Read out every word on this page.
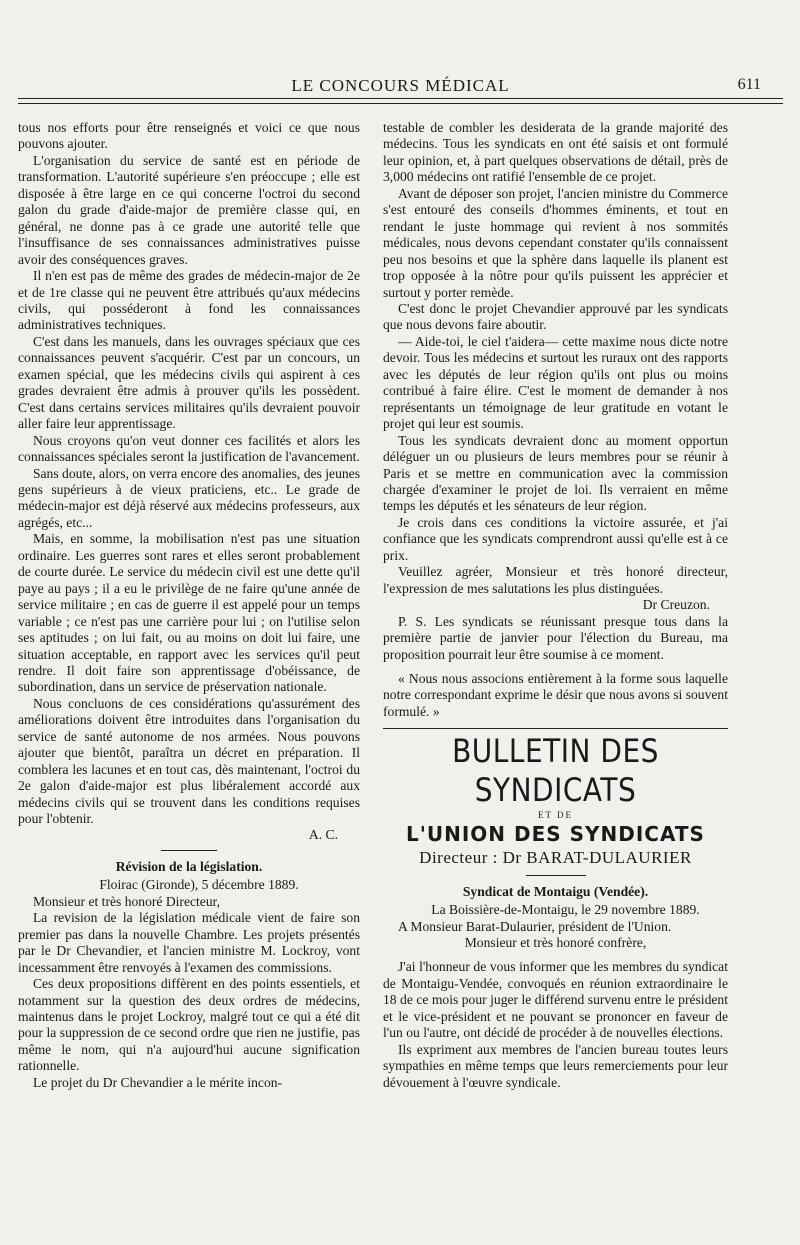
LE CONCOURS MÉDICAL	611

tous nos efforts pour être renseignés et voici ce que nous pouvons ajouter.

L'organisation du service de santé est en période de transformation. L'autorité supérieure s'en préoccupe ; elle est disposée à être large en ce qui concerne l'octroi du second galon du grade d'aide-major de première classe qui, en général, ne donne pas à ce grade une autorité telle que l'insuffisance de ses connaissances administratives puisse avoir des conséquences graves.

Il n'en est pas de même des grades de médecin-major de 2e et de 1re classe qui ne peuvent être attribués qu'aux médecins civils, qui posséderont à fond les connaissances administratives techniques.

C'est dans les manuels, dans les ouvrages spéciaux que ces connaissances peuvent s'acquérir. C'est par un concours, un examen spécial, que les médecins civils qui aspirent à ces grades devraient être admis à prouver qu'ils les possèdent. C'est dans certains services militaires qu'ils devraient pouvoir aller faire leur apprentissage.

Nous croyons qu'on veut donner ces facilités et alors les connaissances spéciales seront la justification de l'avancement.

Sans doute, alors, on verra encore des anomalies, des jeunes gens supérieurs à de vieux praticiens, etc.. Le grade de médecin-major est déjà réservé aux médecins professeurs, aux agrégés, etc...

Mais, en somme, la mobilisation n'est pas une situation ordinaire. Les guerres sont rares et elles seront probablement de courte durée. Le service du médecin civil est une dette qu'il paye au pays ; il a eu le privilège de ne faire qu'une année de service militaire ; en cas de guerre il est appelé pour un temps variable ; ce n'est pas une carrière pour lui ; on l'utilise selon ses aptitudes ; on lui fait, ou au moins on doit lui faire, une situation acceptable, en rapport avec les services qu'il peut rendre. Il doit faire son apprentissage d'obéissance, de subordination, dans un service de préservation nationale.

Nous concluons de ces considérations qu'assurément des améliorations doivent être introduites dans l'organisation du service de santé autonome de nos armées. Nous pouvons ajouter que bientôt, paraîtra un décret en préparation. Il comblera les lacunes et en tout cas, dès maintenant, l'octroi du 2e galon d'aide-major est plus libéralement accordé aux médecins civils qui se trouvent dans les conditions requises pour l'obtenir.

A. C.

Révision de la législation.

Floirac (Gironde), 5 décembre 1889.

Monsieur et très honoré Directeur,

La revision de la législation médicale vient de faire son premier pas dans la nouvelle Chambre. Les projets présentés par le Dr Chevandier, et l'ancien ministre M. Lockroy, vont incessamment être renvoyés à l'examen des commissions.

Ces deux propositions diffèrent en des points essentiels, et notamment sur la question des deux ordres de médecins, maintenus dans le projet Lockroy, malgré tout ce qui a été dit pour la suppression de ce second ordre que rien ne justifie, pas même le nom, qui n'a aujourd'hui aucune signification rationnelle.

Le projet du Dr Chevandier a le mérite incon-

testable de combler les desiderata de la grande majorité des médecins. Tous les syndicats en ont été saisis et ont formulé leur opinion, et, à part quelques observations de détail, près de 3,000 médecins ont ratifié l'ensemble de ce projet.

Avant de déposer son projet, l'ancien ministre du Commerce s'est entouré des conseils d'hommes éminents, et tout en rendant le juste hommage qui revient à nos sommités médicales, nous devons cependant constater qu'ils connaissent peu nos besoins et que la sphère dans laquelle ils planent est trop opposée à la nôtre pour qu'ils puissent les apprécier et surtout y porter remède.

C'est donc le projet Chevandier approuvé par les syndicats que nous devons faire aboutir.

— Aide-toi, le ciel t'aidera— cette maxime nous dicte notre devoir. Tous les médecins et surtout les ruraux ont des rapports avec les députés de leur région qu'ils ont plus ou moins contribué à faire élire. C'est le moment de demander à nos représentants un témoignage de leur gratitude en votant le projet qui leur est soumis.

Tous les syndicats devraient donc au moment opportun déléguer un ou plusieurs de leurs membres pour se réunir à Paris et se mettre en communication avec la commission chargée d'examiner le projet de loi. Ils verraient en même temps les députés et les sénateurs de leur région.

Je crois dans ces conditions la victoire assurée, et j'ai confiance que les syndicats comprendront aussi qu'elle est à ce prix.

Veuillez agréer, Monsieur et très honoré directeur, l'expression de mes salutations les plus distinguées.

Dr Creuzon.

P. S. Les syndicats se réunissant presque tous dans la première partie de janvier pour l'élection du Bureau, ma proposition pourrait leur être soumise à ce moment.

« Nous nous associons entièrement à la forme sous laquelle notre correspondant exprime le désir que nous avons si souvent formulé. »

BULLETIN DES SYNDICATS
ET DE
L'UNION DES SYNDICATS
Directeur : Dr BARAT-DULAURIER

Syndicat de Montaigu (Vendée).

La Boissière-de-Montaigu, le 29 novembre 1889.

A Monsieur Barat-Dulaurier, président de l'Union.

Monsieur et très honoré confrère,

J'ai l'honneur de vous informer que les membres du syndicat de Montaigu-Vendée, convoqués en réunion extraordinaire le 18 de ce mois pour juger le différend survenu entre le président et le vice-président et ne pouvant se prononcer en faveur de l'un ou l'autre, ont décidé de procéder à de nouvelles élections.

Ils expriment aux membres de l'ancien bureau toutes leurs sympathies en même temps que leurs remerciements pour leur dévouement à l'œuvre syndicale.
